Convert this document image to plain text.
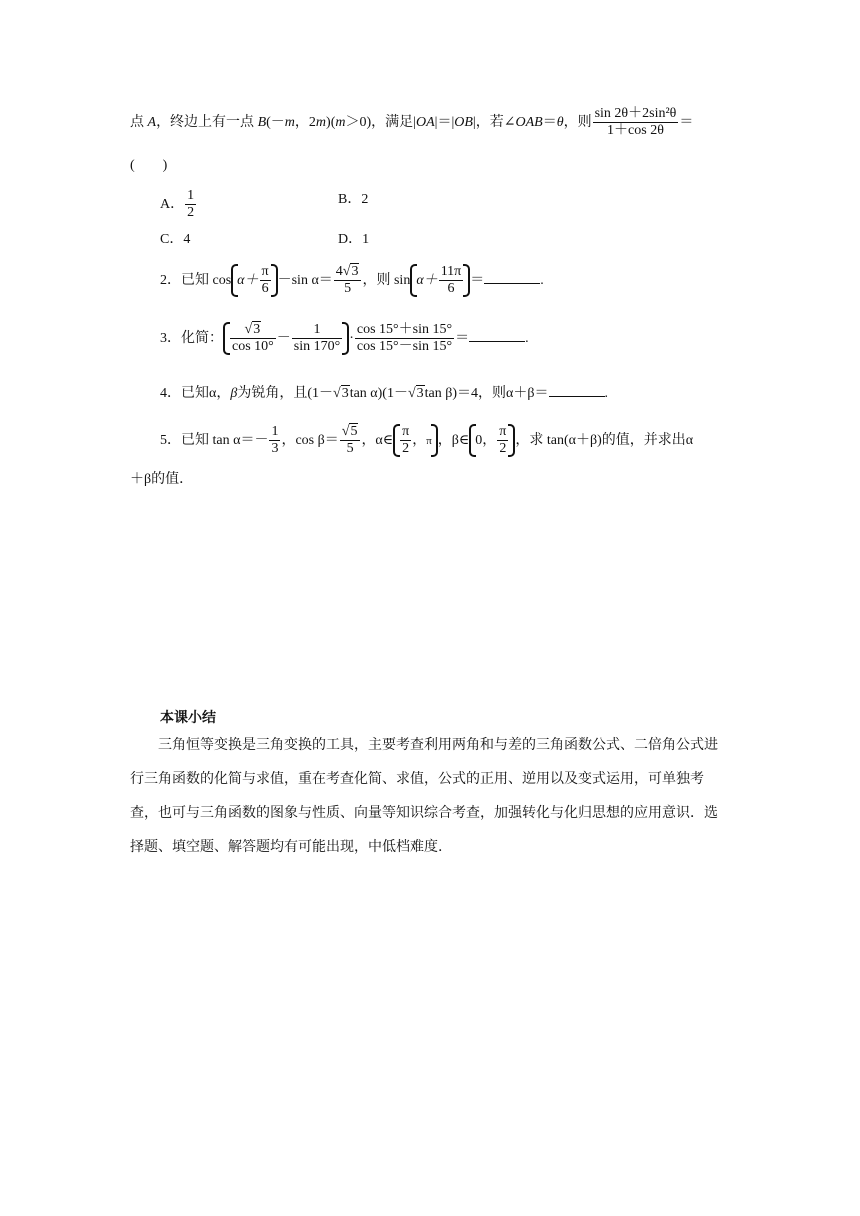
点 A，终边上有一点 B(－m，2m)(m＞0)，满足|OA|＝|OB|，若∠OAB＝θ，则 $\frac{\text{sin 2θ＋2sin²θ}}{1+\cos 2\theta}$ ＝
(　　)
A． $\frac{1}{2}$	B．2
C．4	D．1
2．已知 $\cos \alpha+ \frac{\pi}{6} -\sin$ $\alpha= \frac{4√3}{5}$ ，则 $\sin \alpha+ \frac{11\pi}{6}$ ＝	.
3．化简： $\frac{√3}{\cos 10^\circ} - \frac{1}{\sin 170^\circ} \cdot \frac{\cos 15^\circ+\sin 15^\circ}{\cos 15^\circ-\sin 15^\circ}$ ＝	.
4．已知α，β为锐角，且(1－√3tan α)(1－√3tan β)＝4，则α＋β＝	.
5．已知 $\tan \alpha=- \frac{1}{3}$ ，$\cos \beta= \frac{√5}{5}$ ，α∈ $\frac{\pi}{2}$ ，π ，β∈ 0， $\frac{\pi}{2}$ ，求 tan(α＋β)的值，并求出α
＋β的值．
本课小结
三角恒等变换是三角变换的工具，主要考查利用两角和与差的三角函数公式、二倍角公式进行三角函数的化简与求值，重在考查化简、求值，公式的正用、逆用以及变式运用，可单独考查，也可与三角函数的图象与性质、向量等知识综合考查，加强转化与化归思想的应用意识．选择题、填空题、解答题均有可能出现，中低档难度.
